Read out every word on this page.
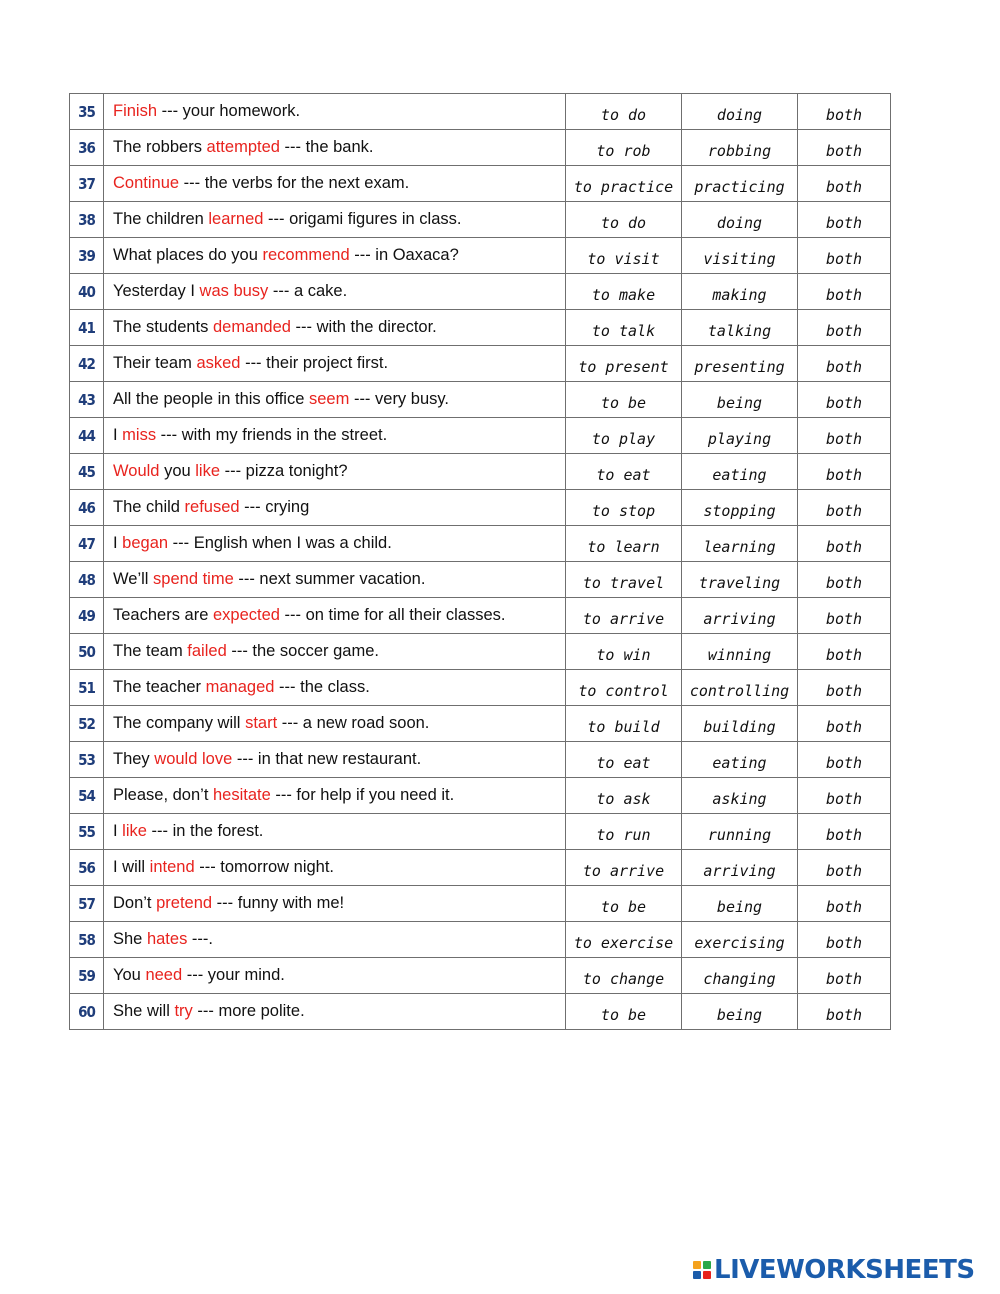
35	Finish --- your homework.	to do	doing	both
36	The robbers attempted --- the bank.	to rob	robbing	both
37	Continue --- the verbs for the next exam.	to practice	practicing	both
38	The children learned --- origami figures in class.	to do	doing	both
39	What places do you recommend --- in Oaxaca?	to visit	visiting	both
40	Yesterday I was busy --- a cake.	to make	making	both
41	The students demanded --- with the director.	to talk	talking	both
42	Their team asked --- their project first.	to present	presenting	both
43	All the people in this office seem --- very busy.	to be	being	both
44	I miss --- with my friends in the street.	to play	playing	both
45	Would you like --- pizza tonight?	to eat	eating	both
46	The child refused --- crying	to stop	stopping	both
47	I began --- English when I was a child.	to learn	learning	both
48	We’ll spend time --- next summer vacation.	to travel	traveling	both
49	Teachers are expected --- on time for all their classes.	to arrive	arriving	both
50	The team failed --- the soccer game.	to win	winning	both
51	The teacher managed --- the class.	to control	controlling	both
52	The company will start --- a new road soon.	to build	building	both
53	They would love --- in that new restaurant.	to eat	eating	both
54	Please, don’t hesitate --- for help if you need it.	to ask	asking	both
55	I like --- in the forest.	to run	running	both
56	I will intend --- tomorrow night.	to arrive	arriving	both
57	Don’t pretend --- funny with me!	to be	being	both
58	She hates ---.	to exercise	exercising	both
59	You need --- your mind.	to change	changing	both
60	She will try --- more polite.	to be	being	both
LIVEWORKSHEETS
